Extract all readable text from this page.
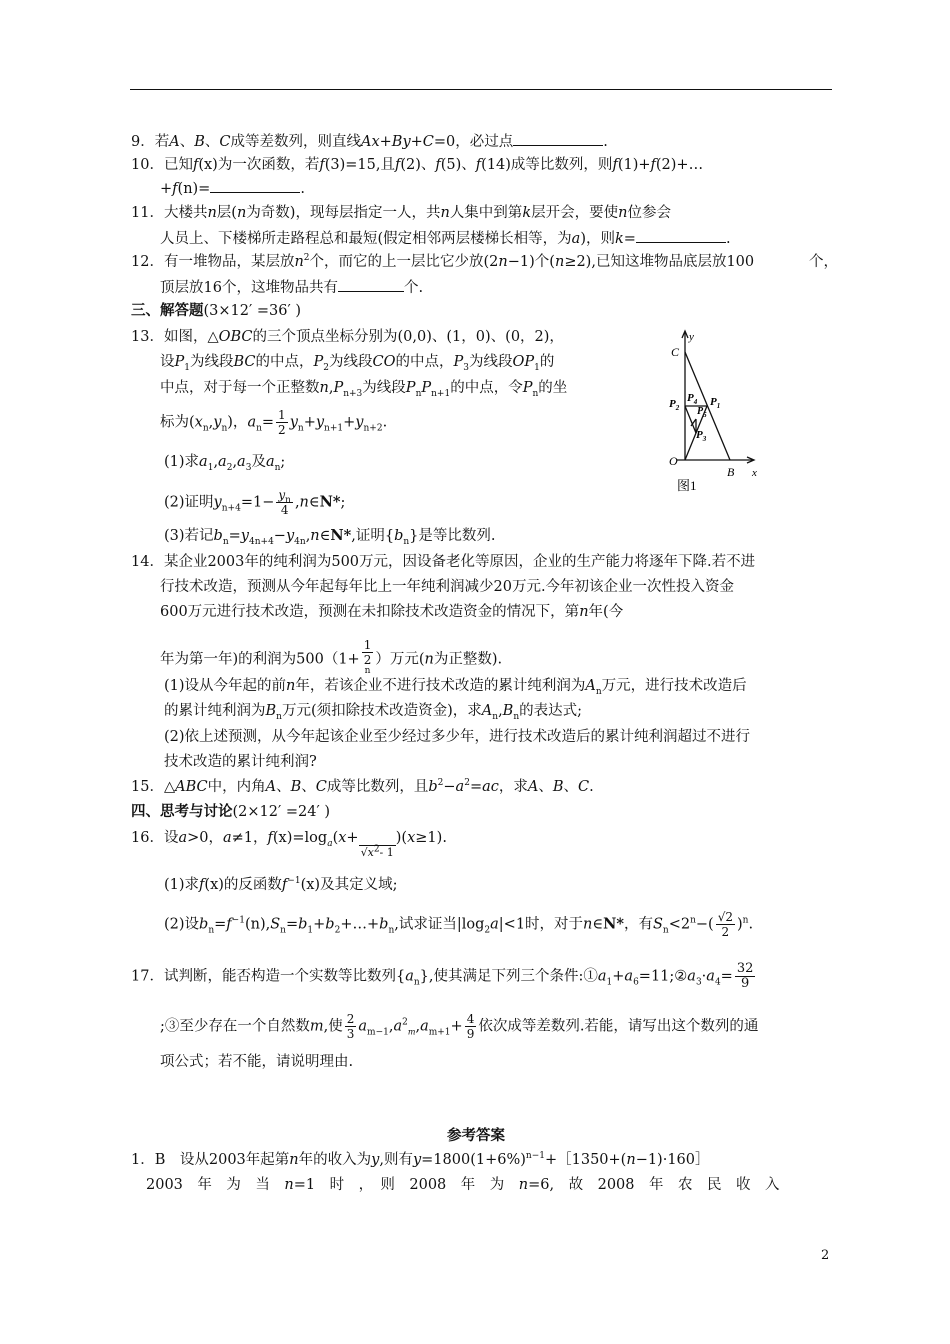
9．若A、B、C成等差数列，则直线Ax+By+C=0，必过点	.
10．已知f(x)为一次函数，若f(3)=15,且f(2)、f(5)、f(14)成等比数列，则f(1)+f(2)+…
+f(n)=	.
11．大楼共n层(n为奇数)，现每层指定一人，共n人集中到第k层开会，要使n位参会
人员上、下楼梯所走路程总和最短(假定相邻两层楼梯长相等，为a)，则k=	.
12．有一堆物品，某层放$n^2$个，而它的上一层比它少放(2n−1)个(n≥2),已知这堆物品底层放100	个，
顶层放16个，这堆物品共有	个.
三、解答题(3×12′ =36′ )
13．如图，△OBC的三个顶点坐标分别为(0,0)、(1，0)、(0，2)，
设$P_1$为线段BC的中点，$P_2$为线段CO的中点，$P_3$为线段$OP_1$的
中点，对于每一个正整数$n,P_{n+3}$为线段$P_nP_{n+1}$的中点，令$P_n$的坐
标为$(x_n,y_n)$，$a_n= \frac{1}{2} y_n+y_{n+1}+y_{n+2}$.
(1)求$a_1,a_2,a_3$及$a_n$;
(2)证明$y_{n+4}=1- \frac{y_n}{4}$ ,n∈N*;
(3)若记$b_n=y_{4n+4}-y_{4n},n\in N*$,证明$\{b_n\}$是等比数列.
y
C
$P_2$	$P_1$
$P_4$
$P_5$
$P_3$
O
B x
图1
14．某企业2003年的纯利润为500万元，因设备老化等原因，企业的生产能力将逐年下降.若不进
行技术改造，预测从今年起每年比上一年纯利润减少20万元.今年初该企业一次性投入资金
600万元进行技术改造，预测在未扣除技术改造资金的情况下，第n年(今
年为第一年)的利润为500（1+ 1
2
$^n$ ）万元(n为正整数).
(1)设从今年起的前n年，若该企业不进行技术改造的累计纯利润为$A_n$万元，进行技术改造后
的累计纯利润为$B_n$万元(须扣除技术改造资金)，求$A_n,B_n$的表达式;
(2)依上述预测，从今年起该企业至少经过多少年，进行技术改造后的累计纯利润超过不进行
技术改造的累计纯利润?
15．△ABC中，内角A、B、C成等比数列，且$b^2-a^2=ac$，求A、B、C.
四、思考与讨论(2×12′ =24′ )
16．设a>0，a≠1，$f(x)=\log_a(x+√x^2-$ 1)(x≥1).
(1)求f(x)的反函数$f^{-1}(x)$及其定义域;
(2)设$b_n=f^{-1}(n),S_n=b_1+b_2+\dots+b_n$,试求证当$|\log_2a|<1$时，对于n∈N*，有$S_n<2^n-( \frac{√2}{2} )^n$.
17．试判断，能否构造一个实数等比数列$\{a_n\}$,使其满足下列三个条件$:①a_1+a_6=11;②a_3\cdot a_4= \frac{32}{9}$
;③至少存在一个自然数m,使 $\frac{2}{3} a_{m-1},a^2_m,a_{m+1}+ \frac{4}{9}$ 依次成等差数列.若能，请写出这个数列的通
项公式；若不能，请说明理由.
参考答案
1．B　设从2003年起第n年的收入为y,则有$y=1800(1+6\%)^{n-1}+[1350+(n-1)\cdot 160]$
2003　年　为　当　n=1　时　，　则　2008　年　为　n=6,　故　2008　年　农　民　收　入
2
